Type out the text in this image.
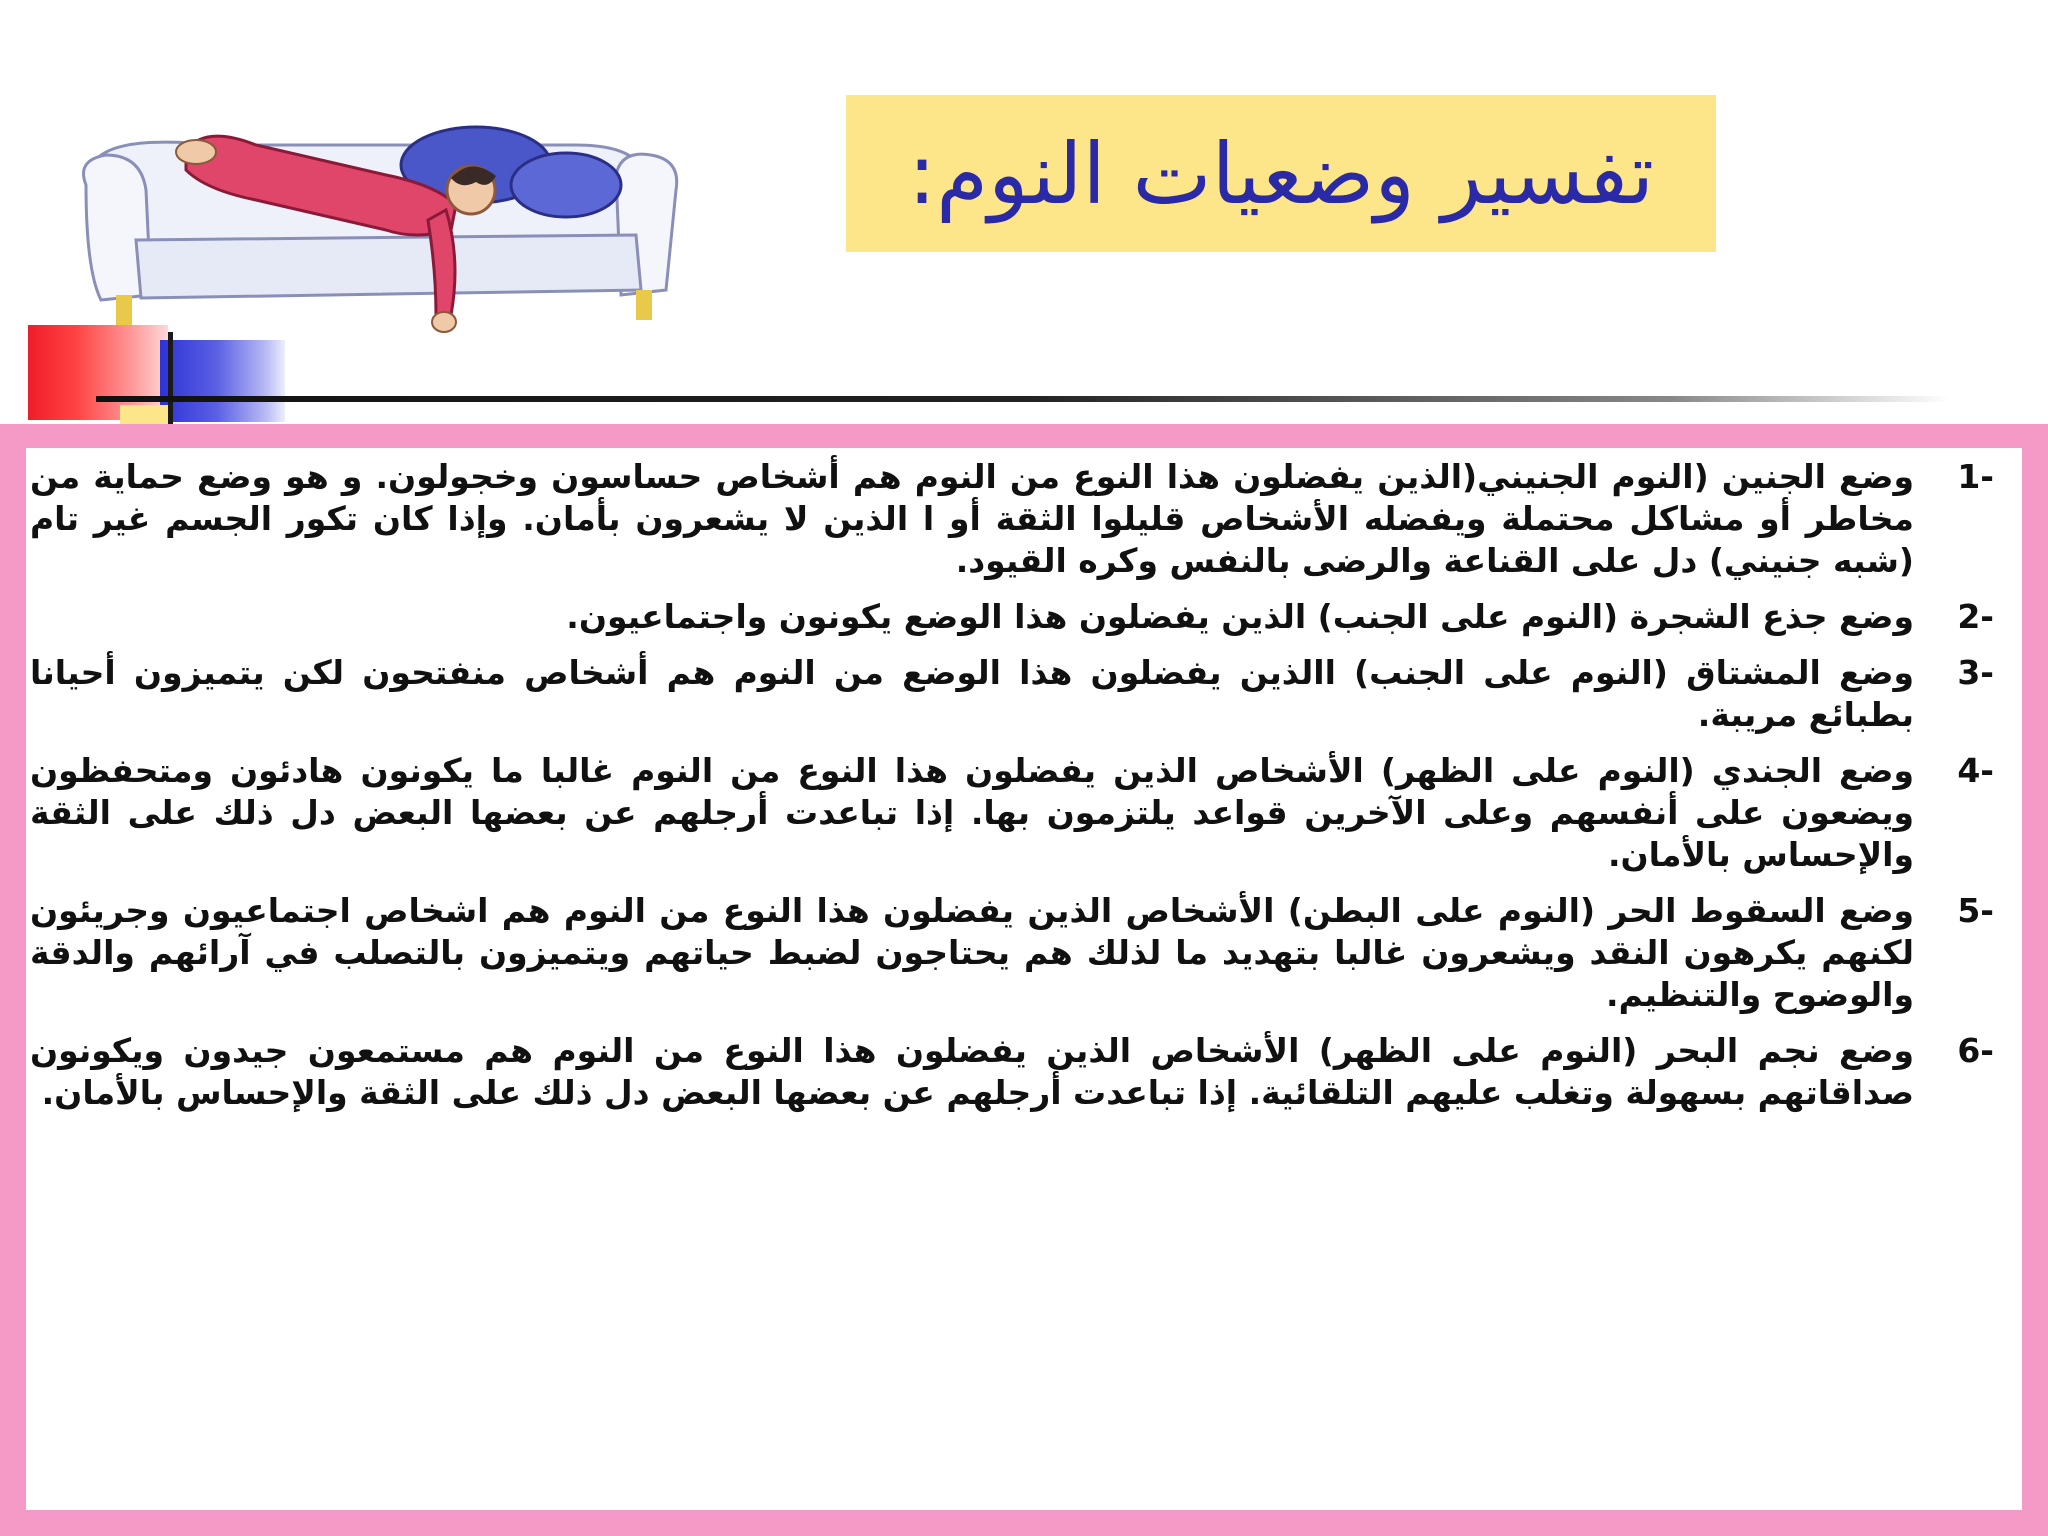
تفسير وضعيات النوم:
1-
وضع الجنين (النوم الجنيني(الذين يفضلون هذا النوع من النوم هم أشخاص حساسون وخجولون. و هو وضع حماية من مخاطر أو مشاكل محتملة ويفضله الأشخاص قليلوا الثقة أو ا الذين لا يشعرون بأمان. وإذا كان تكور الجسم غير تام (شبه جنيني) دل على القناعة والرضى بالنفس وكره القيود.
2-
وضع جذع الشجرة (النوم على الجنب) الذين يفضلون هذا الوضع يكونون واجتماعيون.
3-
وضع المشتاق (النوم على الجنب) االذين يفضلون هذا الوضع من النوم هم أشخاص منفتحون لكن يتميزون أحيانا بطبائع مريبة.
4-
وضع الجندي (النوم على الظهر) الأشخاص الذين يفضلون هذا النوع من النوم غالبا ما يكونون هادئون ومتحفظون ويضعون على أنفسهم وعلى الآخرين قواعد يلتزمون بها. إذا تباعدت أرجلهم عن بعضها البعض دل ذلك على الثقة والإحساس بالأمان.
5-
وضع السقوط الحر (النوم على البطن) الأشخاص الذين يفضلون هذا النوع من النوم هم اشخاص اجتماعيون وجريئون لكنهم يكرهون النقد ويشعرون غالبا بتهديد ما لذلك هم يحتاجون لضبط حياتهم ويتميزون بالتصلب في آرائهم والدقة والوضوح والتنظيم.
6-
وضع نجم البحر (النوم على الظهر) الأشخاص الذين يفضلون هذا النوع من النوم هم مستمعون جيدون ويكونون صداقاتهم بسهولة وتغلب عليهم التلقائية. إذا تباعدت أرجلهم عن بعضها البعض دل ذلك على الثقة والإحساس بالأمان.
